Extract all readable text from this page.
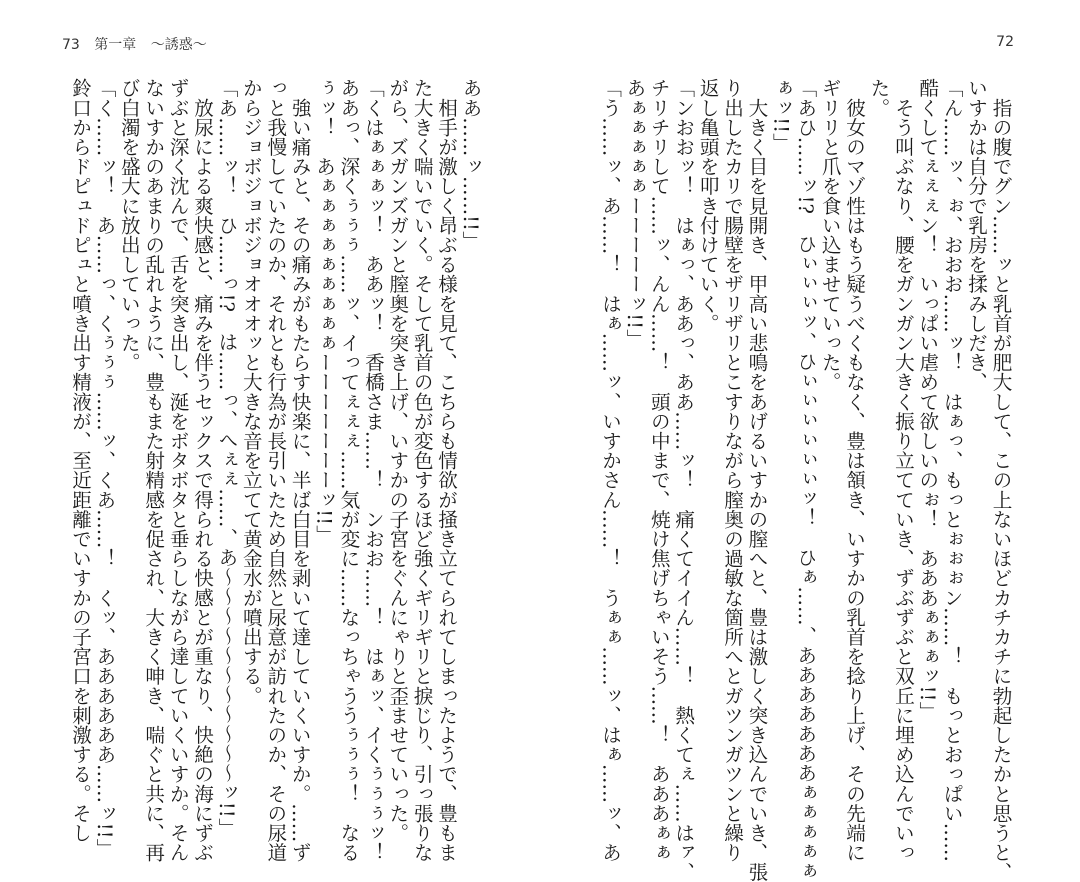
73 第一章 ～誘惑～	72
　指の腹でグン……ッと乳首が肥大して、この上ないほどカチカチに勃起したかと思うと、
いすかは自分で乳房を揉みしだき、
「ん……ッ、ぉ、おおお……ッ！　はぁっ、もっとぉぉぉン……！　もっとおっぱい……
酷くしてぇぇぇン！　いっぱい虐めて欲しいのぉ！　あああぁぁぁッ!!」
　そう叫ぶなり、腰をガンガン大きく振り立てていき、ずぶずぶと双丘に埋め込んでいっ
た。
　彼女のマゾ性はもう疑うべくもなく、豊は頷き、いすかの乳首を捻り上げ、その先端に
ギリリと爪を食い込ませていった。
「あひ……ッ!?　ひぃぃぃッ、ひぃぃぃぃぃぃッ！　ひぁ……、あああああああぁぁぁぁぁ
ぁッ!!」
　大きく目を見開き、甲高い悲鳴をあげるいすかの膣へと、豊は激しく突き込んでいき、張
り出したカリで腸壁をザリザリとこすりながら膣奥の過敏な箇所へとガツンガツンと繰り
返し亀頭を叩き付けていく。
「ンおおッ！　はぁっ、ああっ、ああ……ッ！　痛くてイイん……！　熱くてぇ……はァ、
チリチリして……ッ、んん……！　頭の中まで、焼け焦げちゃいそう……！　あああぁぁ
あぁぁぁぁぁーーーーーッ!!」
「う……ッ、あ……！　はぁ……ッ、いすかさん……！　うぁぁ……ッ、はぁ……ッ、あ
ああ……ッ……!!」
　相手が激しく昂ぶる様を見て、こちらも情欲が掻き立てられてしまったようで、豊もま
た大きく喘いでいく。そして乳首の色が変色するほど強くギリギリと捩じり、引っ張りな
がら、ズガンズガンと膣奥を突き上げ、いすかの子宮をぐんにゃりと歪ませていった。
「くはぁぁぁッ！　ああッ！　香橋さま……！　ンおお……！　はぁッ、イくぅぅぅッ！
ああっ、深くぅぅぅ……ッ、イってぇぇぇ……気が変に……なっちゃううぅぅぅ！　なる
ぅッ！　あぁぁぁぁぁぁぁぁぁーーーーーーーッ!!」
　強い痛みと、その痛みがもたらす快楽に、半ば白目を剥いて達していくいすか。……ず
っと我慢していたのか、それとも行為が長引いたため自然と尿意が訪れたのか、その尿道
からジョボジョボジョオオオッと大きな音を立てて黄金水が噴出する。
「あ……ッ！　ひ……っ!?　は……っ、へぇぇ……、あ〜〜〜〜〜〜〜〜〜〜〜ッ!!」
　放尿による爽快感と、痛みを伴うセックスで得られる快感とが重なり、快絶の海にずぶ
ずぶと深く沈んで、舌を突き出し、涎をボタボタと垂らしながら達していくいすか。そん
ないすかのあまりの乱れように、豊もまた射精感を促され、大きく呻き、喘ぐと共に、再
び白濁を盛大に放出していった。
「く……ッ！　あ……っ、くぅぅぅ……ッ、くあ……！　くッ、ああああああ……ッ!!」
鈴口からドピュドピュと噴き出す精液が、至近距離でいすかの子宮口を刺激する。そし
